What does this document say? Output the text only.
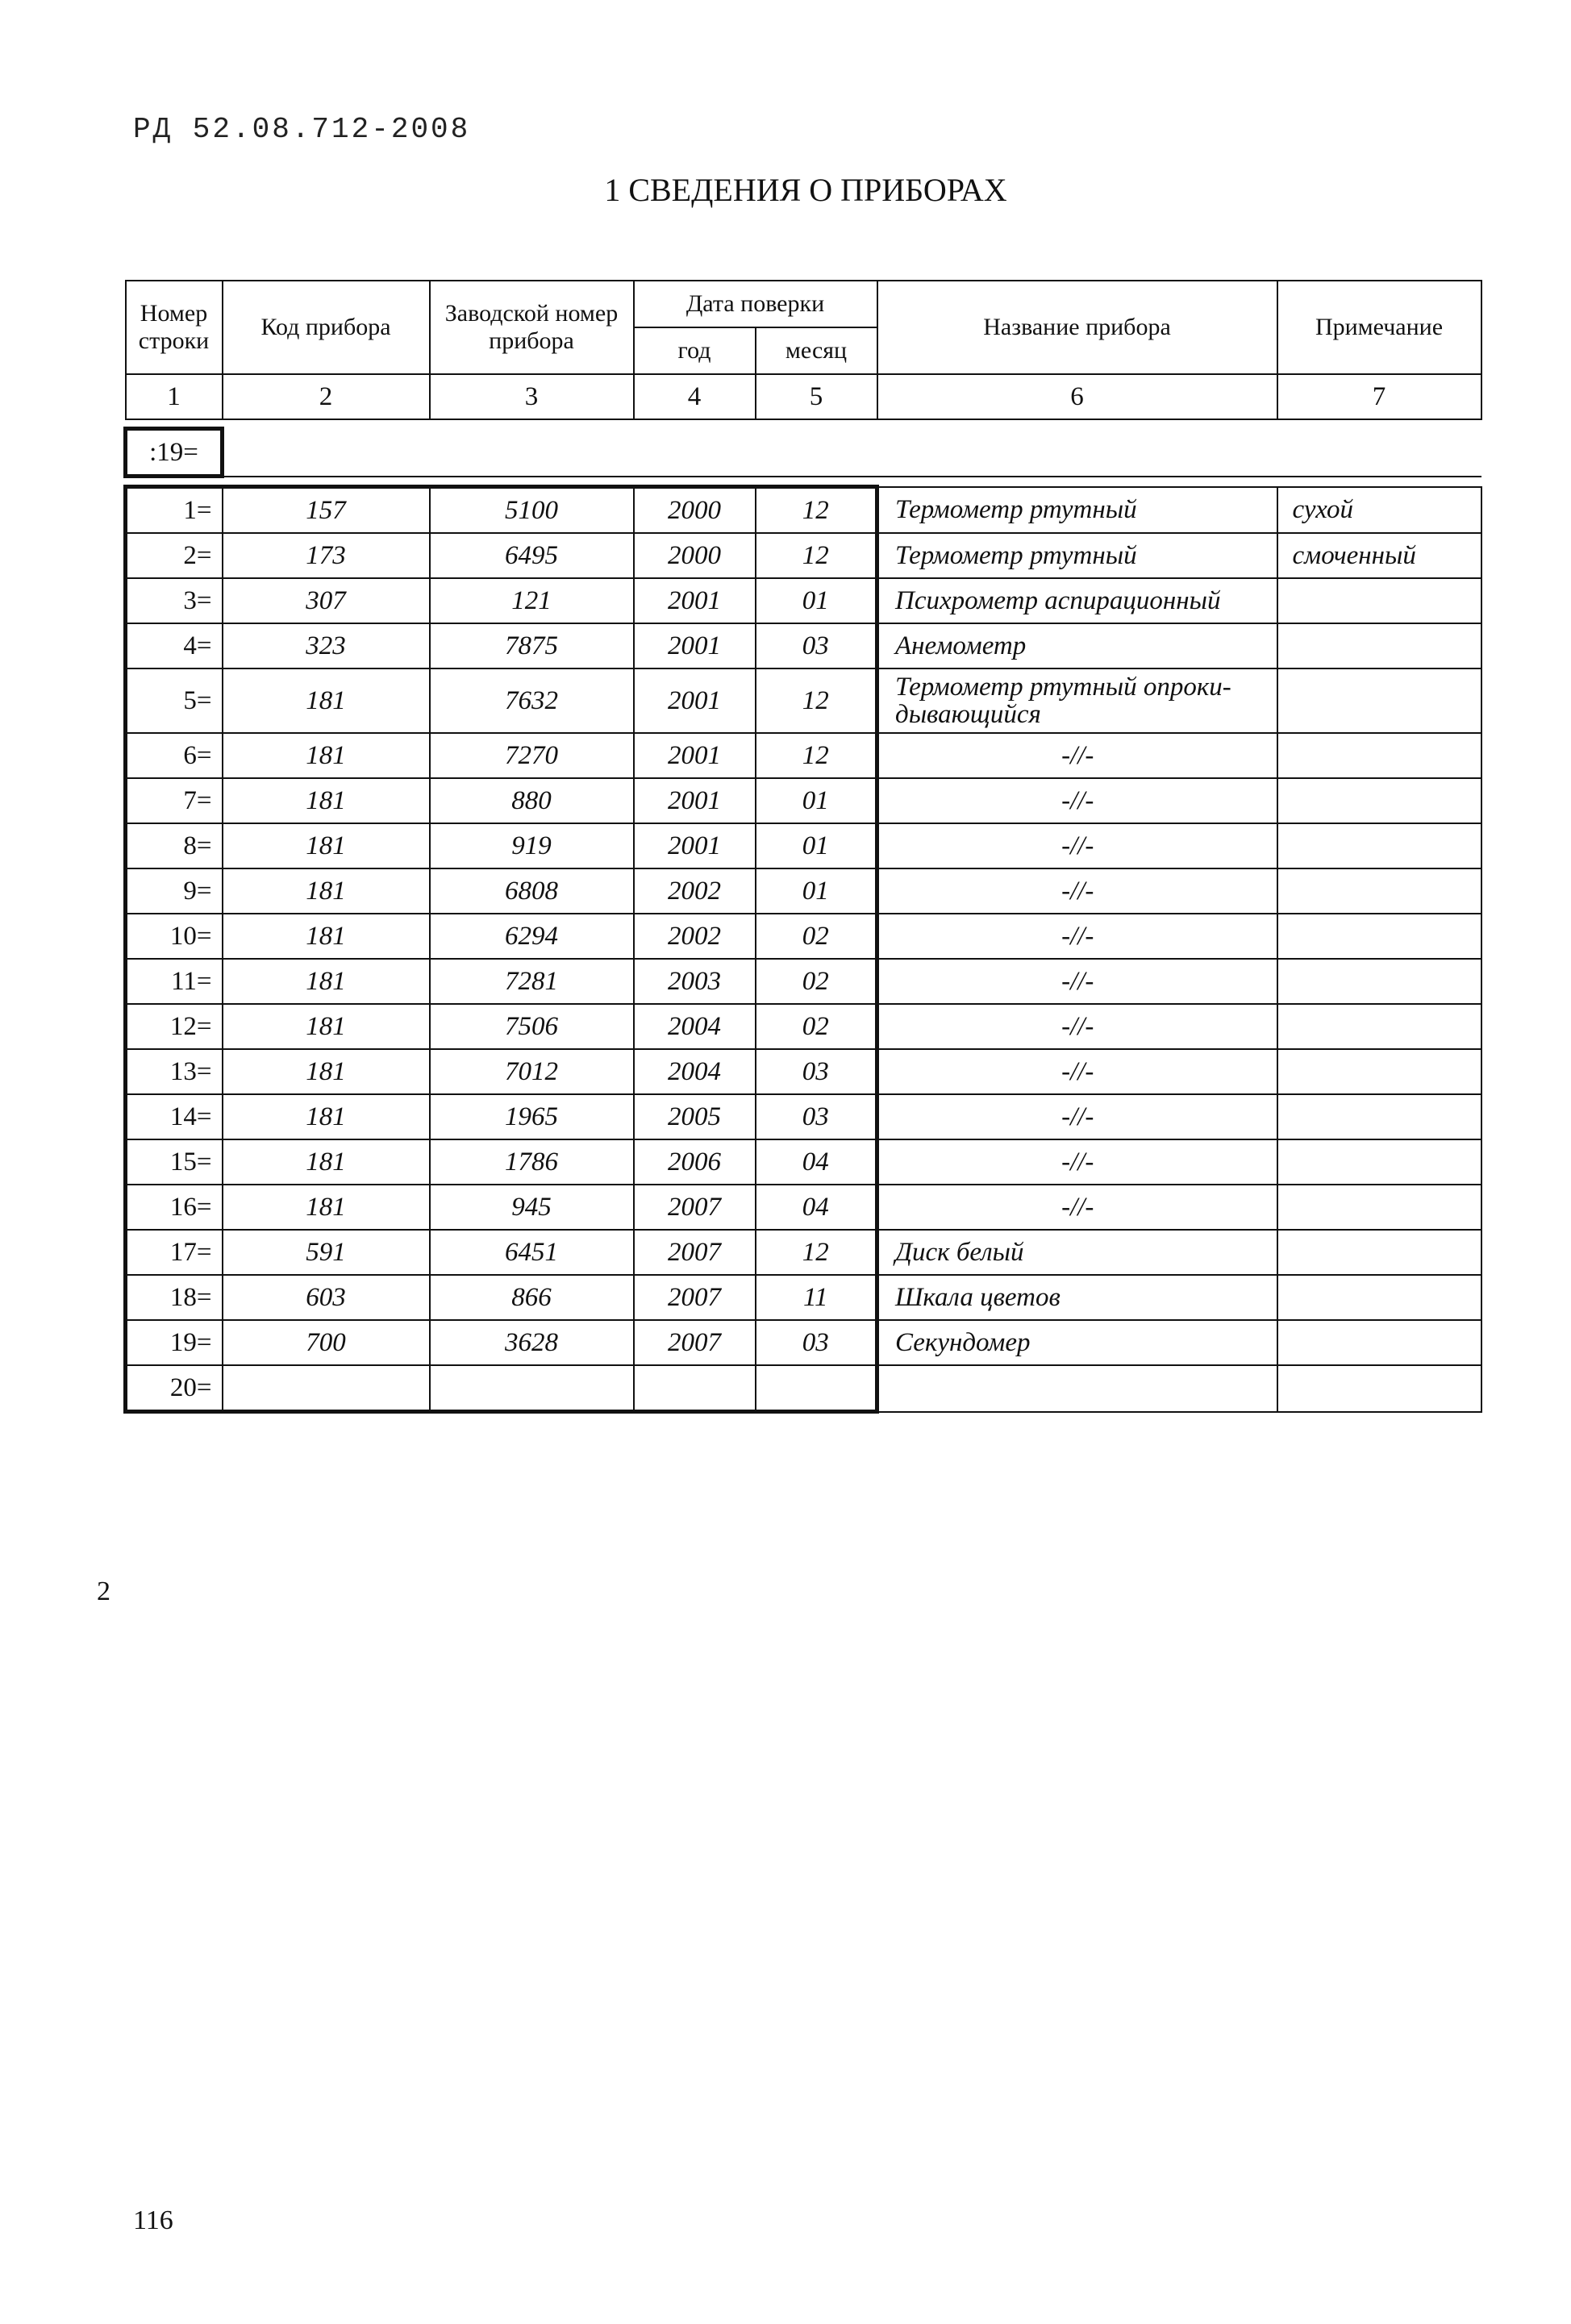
РД 52.08.712-2008
1 СВЕДЕНИЯ О ПРИБОРАХ
Номер строки	Код прибора	Заводской номер прибора	Дата поверки		Название прибора	Примечание
			год	месяц		
1	2	3	4	5	6	7

:19=						

1=	157	5100	2000	12	Термометр ртутный	сухой
2=	173	6495	2000	12	Термометр ртутный	смоченный
3=	307	121	2001	01	Психрометр аспирационный	
4=	323	7875	2001	03	Анемометр	
5=	181	7632	2001	12	Термометр ртутный опроки-дывающийся	
6=	181	7270	2001	12	-//-	
7=	181	880	2001	01	-//-	
8=	181	919	2001	01	-//-	
9=	181	6808	2002	01	-//-	
10=	181	6294	2002	02	-//-	
11=	181	7281	2003	02	-//-	
12=	181	7506	2004	02	-//-	
13=	181	7012	2004	03	-//-	
14=	181	1965	2005	03	-//-	
15=	181	1786	2006	04	-//-	
16=	181	945	2007	04	-//-	
17=	591	6451	2007	12	Диск белый	
18=	603	866	2007	11	Шкала цветов	
19=	700	3628	2007	03	Секундомер	
20=						
2
116
